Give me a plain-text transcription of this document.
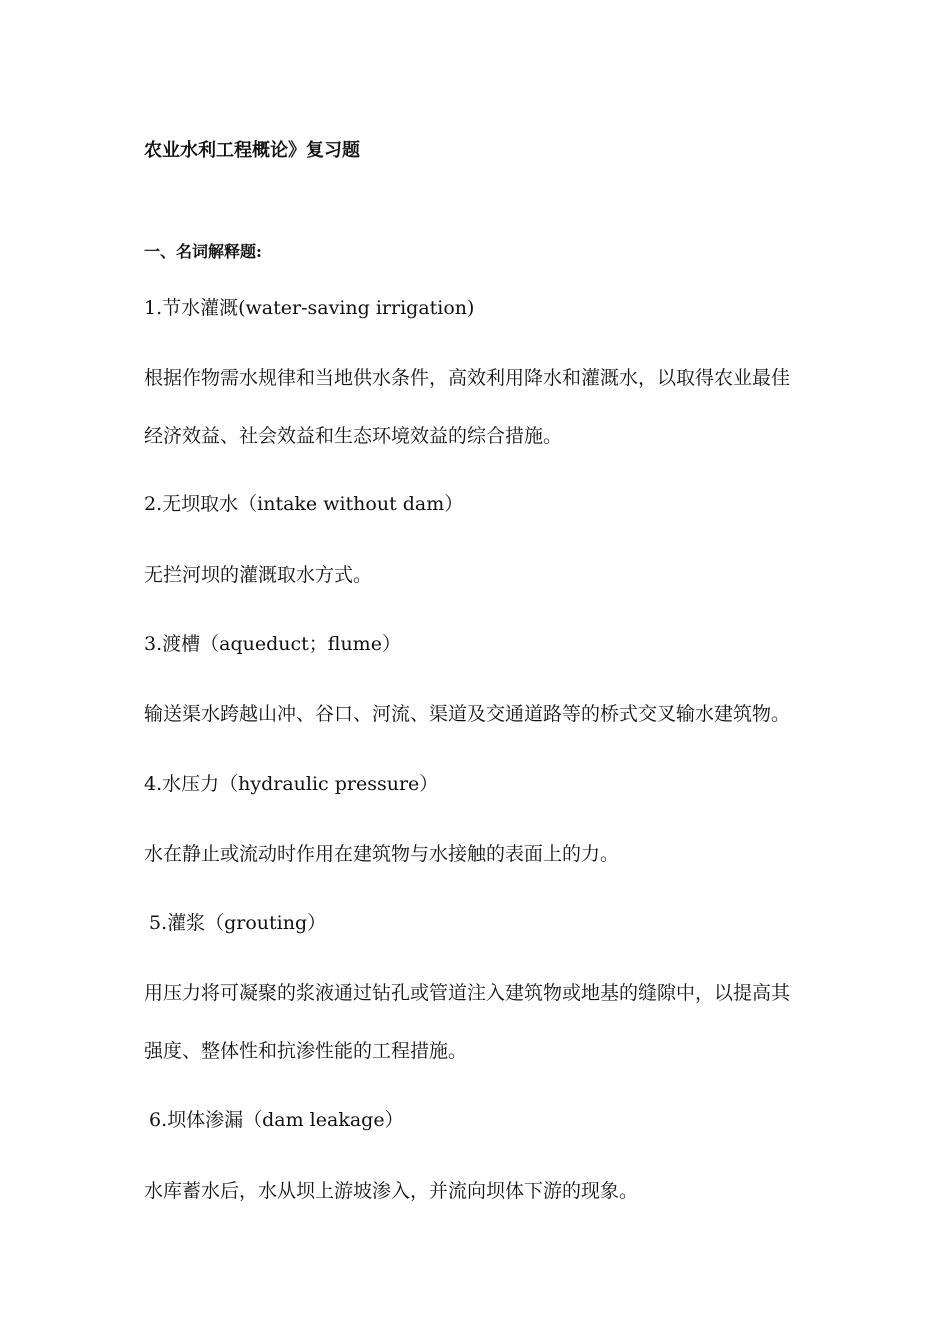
农业水利工程概论》复习题
一、名词解释题:
1.节水灌溉(water-saving irrigation)
根据作物需水规律和当地供水条件，高效利用降水和灌溉水，以取得农业最佳
经济效益、社会效益和生态环境效益的综合措施。
2.无坝取水（intake without dam）
无拦河坝的灌溉取水方式。
3.渡槽（aqueduct；flume）
输送渠水跨越山冲、谷口、河流、渠道及交通道路等的桥式交叉输水建筑物。
4.水压力（hydraulic pressure）
水在静止或流动时作用在建筑物与水接触的表面上的力。
5.灌浆（grouting）
用压力将可凝聚的浆液通过钻孔或管道注入建筑物或地基的缝隙中，以提高其
强度、整体性和抗渗性能的工程措施。
6.坝体渗漏（dam leakage）
水库蓄水后，水从坝上游坡渗入，并流向坝体下游的现象。
